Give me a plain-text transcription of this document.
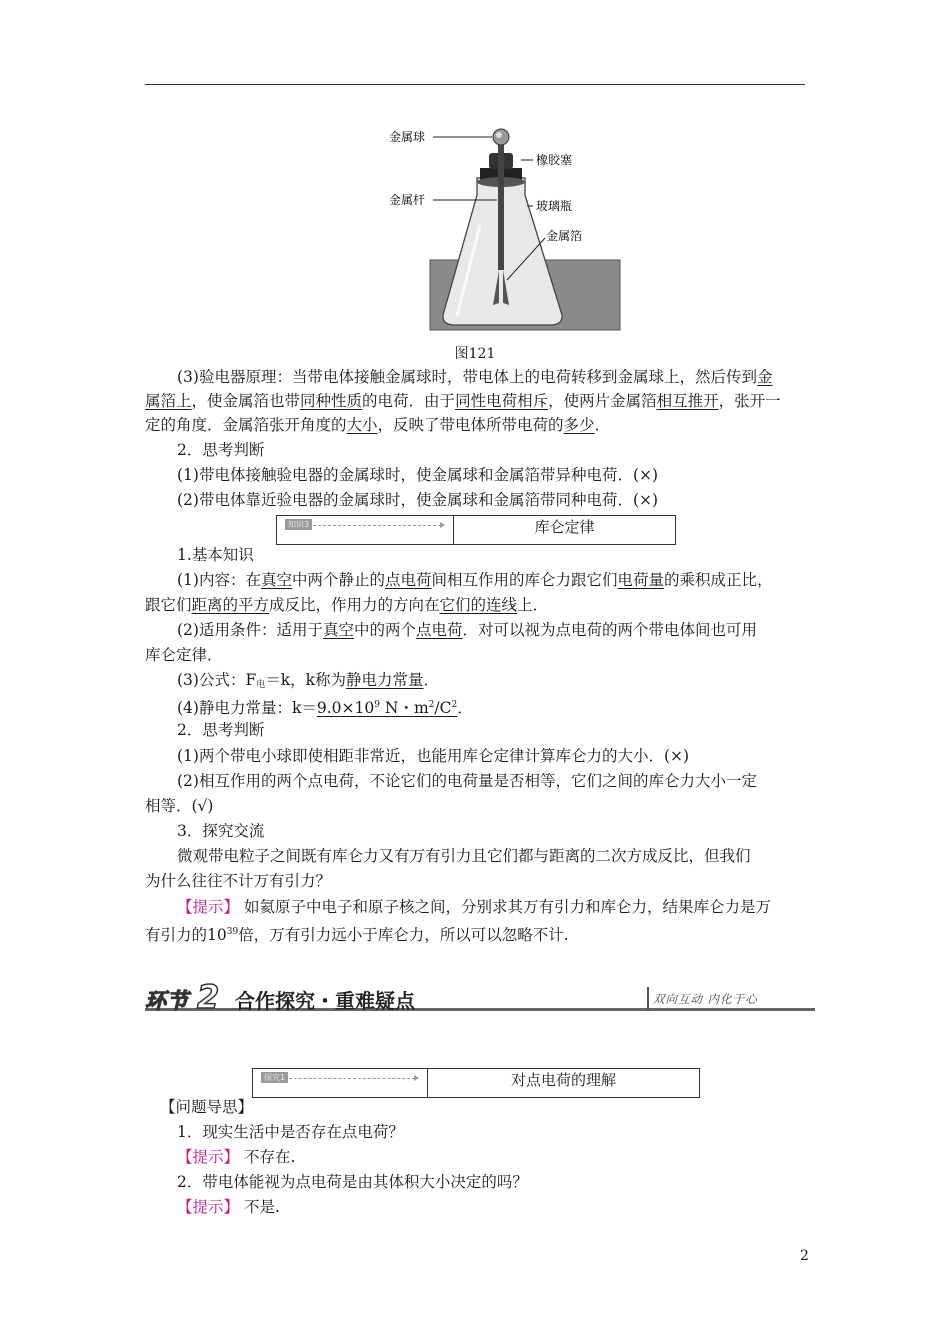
金属球
橡胶塞
金属杆	玻璃瓶
金属箔
图121
(3)验电器原理：当带电体接触金属球时，带电体上的电荷转移到金属球上，然后传到金
属箔上，使金属箔也带同种性质的电荷．由于同性电荷相斥，使两片金属箔相互推开，张开一
定的角度．金属箔张开角度的大小，反映了带电体所带电荷的多少．
2．思考判断
(1)带电体接触验电器的金属球时，使金属球和金属箔带异种电荷．(×)
(2)带电体靠近验电器的金属球时，使金属球和金属箔带同种电荷．(×)
知识3	库仑定律
1.基本知识
(1)内容：在真空中两个静止的点电荷间相互作用的库仑力跟它们电荷量的乘积成正比，
跟它们距离的平方成反比，作用力的方向在它们的连线上．
(2)适用条件：适用于真空中的两个点电荷．对可以视为点电荷的两个带电体间也可用
库仑定律．
(3)公式：$F_电=k$，k称为静电力常量．
(4)静电力常量：$k=9.0\times 10^9$ N・$m^2/C^2$．
2．思考判断
(1)两个带电小球即使相距非常近，也能用库仑定律计算库仑力的大小．(×)
(2)相互作用的两个点电荷，不论它们的电荷量是否相等，它们之间的库仑力大小一定
相等．(√)
3．探究交流
微观带电粒子之间既有库仑力又有万有引力且它们都与距离的二次方成反比，但我们
为什么往往不计万有引力？
【提示】 如氦原子中电子和原子核之间，分别求其万有引力和库仑力，结果库仑力是万
有引力的$10^{39}$倍，万有引力远小于库仑力，所以可以忽略不计.
环节 2 合作探究・重难疑点	双向互动 内化于心
探究1	对点电荷的理解
【问题导思】
1．现实生活中是否存在点电荷？
【提示】 不存在.
2．带电体能视为点电荷是由其体积大小决定的吗？
【提示】 不是.
2
